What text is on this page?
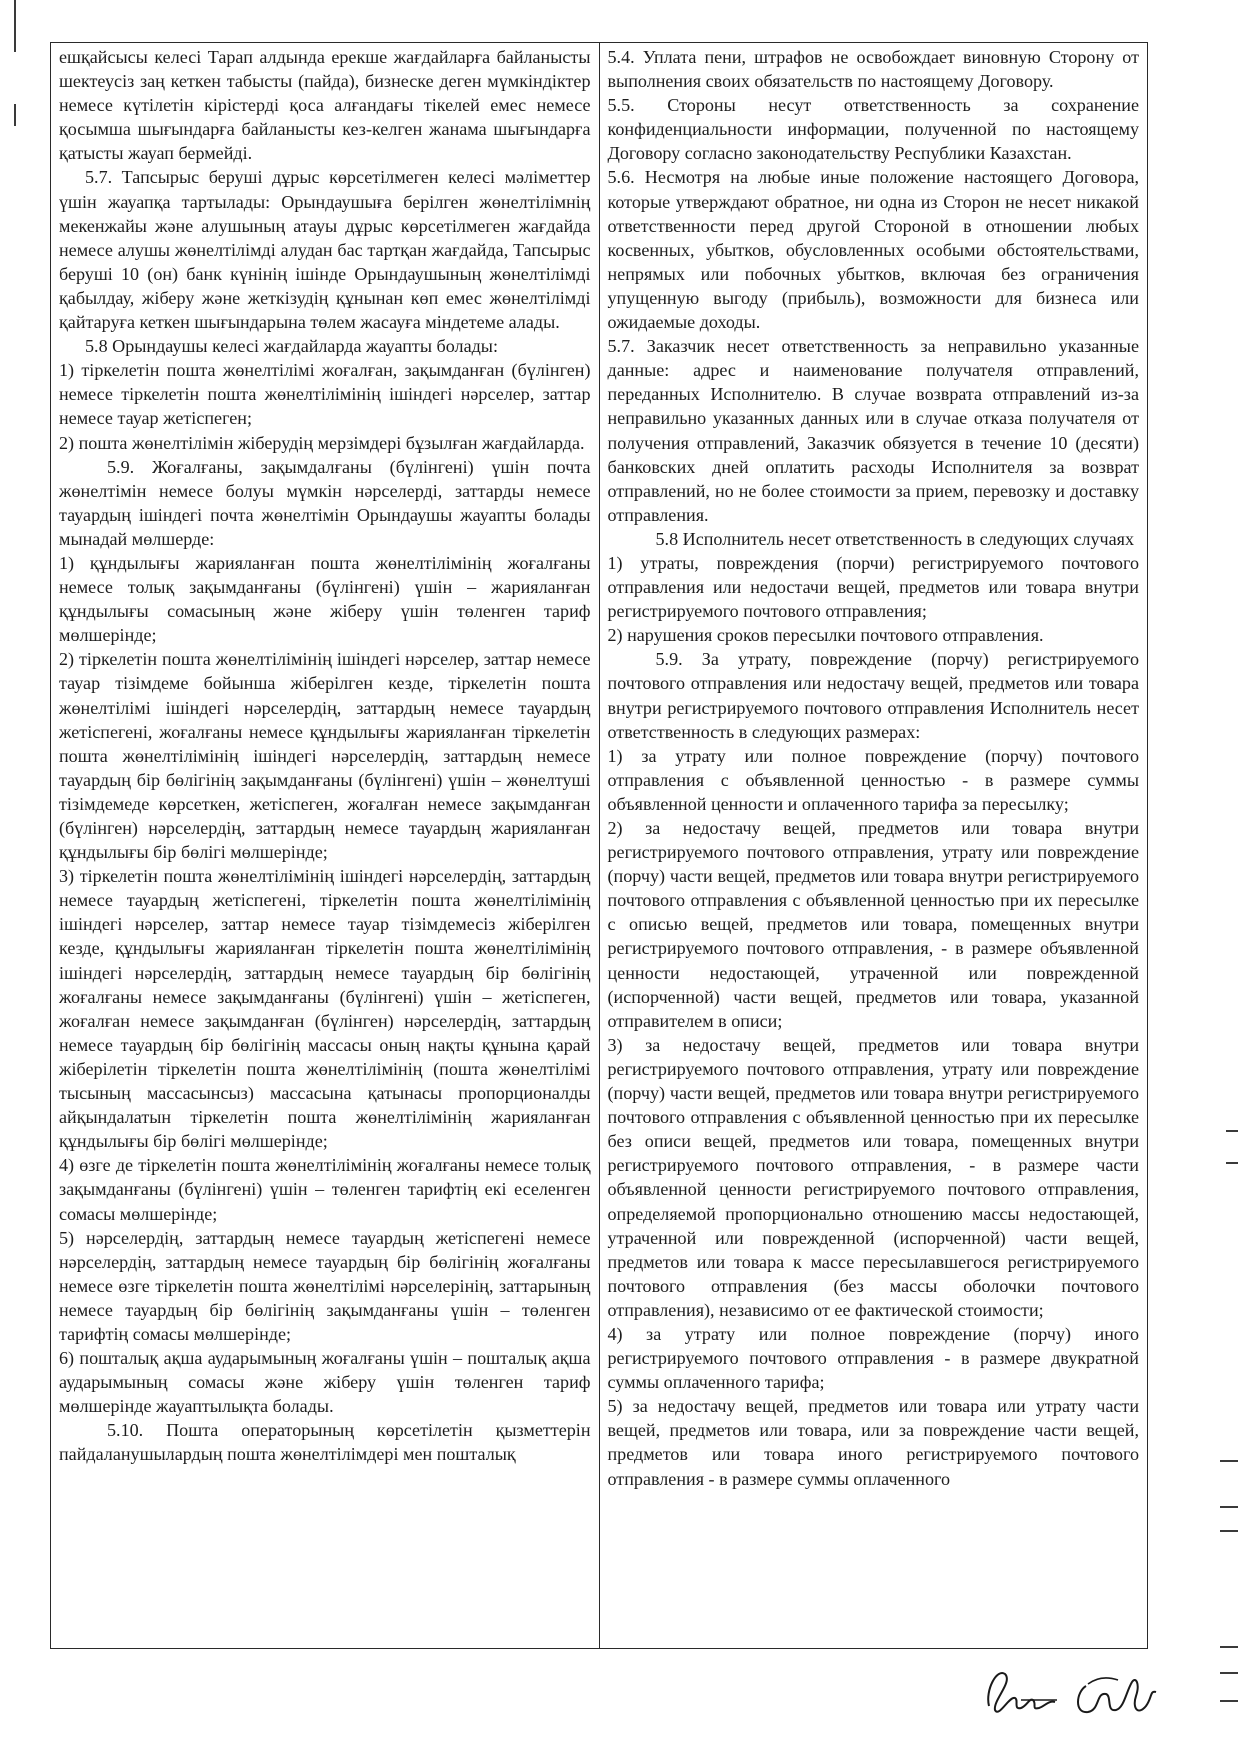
ешқайсысы келесі Тарап алдында ерекше жағдайларға байланысты шектеусіз заң кеткен табысты (пайда), бизнеске деген мүмкіндіктер немесе күтілетін кірістерді қоса алғандағы тікелей емес немесе қосымша шығындарға байланысты кез-келген жанама шығындарға қатысты жауап бермейді.

5.7. Тапсырыс беруші дұрыс көрсетілмеген келесі мәліметтер үшін жауапқа тартылады: Орындаушыға берілген жөнелтілімнің мекенжайы және алушының атауы дұрыс көрсетілмеген жағдайда немесе алушы жөнелтілімді алудан бас тартқан жағдайда, Тапсырыс беруші 10 (он) банк күнінің ішінде Орындаушының жөнелтілімді қабылдау, жіберу және жеткізудің құнынан көп емес жөнелтілімді қайтаруға кеткен шығындарына төлем жасауға міндетеме алады.

5.8 Орындаушы келесі жағдайларда жауапты болады:

1) тіркелетін пошта жөнелтілімі жоғалған, зақымданған (бүлінген) немесе тіркелетін пошта жөнелтілімінің ішіндегі нәрселер, заттар немесе тауар жетіспеген;

2) пошта жөнелтілімін жіберудің мерзімдері бұзылған жағдайларда.

5.9. Жоғалғаны, зақымдалғаны (бүлінгені) үшін почта жөнелтімін немесе болуы мүмкін нәрселерді, заттарды немесе тауардың ішіндегі почта жөнелтімін Орындаушы жауапты болады мынадай мөлшерде:

1) құндылығы жарияланған пошта жөнелтілімінің жоғалғаны немесе толық зақымданғаны (бүлінгені) үшін – жарияланған құндылығы сомасының және жіберу үшін төленген тариф мөлшерінде;

2) тіркелетін пошта жөнелтілімінің ішіндегі нәрселер, заттар немесе тауар тізімдеме бойынша жіберілген кезде, тіркелетін пошта жөнелтілімі ішіндегі нәрселердің, заттардың немесе тауардың жетіспегені, жоғалғаны немесе құндылығы жарияланған тіркелетін пошта жөнелтілімінің ішіндегі нәрселердің, заттардың немесе тауардың бір бөлігінің зақымданғаны (бүлінгені) үшін – жөнелтуші тізімдемеде көрсеткен, жетіспеген, жоғалған немесе зақымданған (бүлінген) нәрселердің, заттардың немесе тауардың жарияланған құндылығы бір бөлігі мөлшерінде;

3) тіркелетін пошта жөнелтілімінің ішіндегі нәрселердің, заттардың немесе тауардың жетіспегені, тіркелетін пошта жөнелтілімінің ішіндегі нәрселер, заттар немесе тауар тізімдемесіз жіберілген кезде, құндылығы жарияланған тіркелетін пошта жөнелтілімінің ішіндегі нәрселердің, заттардың немесе тауардың бір бөлігінің жоғалғаны немесе зақымданғаны (бүлінгені) үшін – жетіспеген, жоғалған немесе зақымданған (бүлінген) нәрселердің, заттардың немесе тауардың бір бөлігінің массасы оның нақты құнына қарай жіберілетін тіркелетін пошта жөнелтілімінің (пошта жөнелтілімі тысының массасынсыз) массасына қатынасы пропорционалды айқындалатын тіркелетін пошта жөнелтілімінің жарияланған құндылығы бір бөлігі мөлшерінде;

4) өзге де тіркелетін пошта жөнелтілімінің жоғалғаны немесе толық зақымданғаны (бүлінгені) үшін – төленген тарифтің екі еселенген сомасы мөлшерінде;

5) нәрселердің, заттардың немесе тауардың жетіспегені немесе нәрселердің, заттардың немесе тауардың бір бөлігінің жоғалғаны немесе өзге тіркелетін пошта жөнелтілімі нәрселерінің, заттарының немесе тауардың бір бөлігінің зақымданғаны үшін – төленген тарифтің сомасы мөлшерінде;

6) пошталық ақша аударымының жоғалғаны үшін – пошталық ақша аударымының сомасы және жіберу үшін төленген тариф мөлшерінде жауаптылықта болады.

5.10. Пошта операторының көрсетілетін қызметтерін пайдаланушылардың пошта жөнелтілімдері мен пошталық

5.4. Уплата пени, штрафов не освобождает виновную Сторону от выполнения своих обязательств по настоящему Договору.

5.5. Стороны несут ответственность за сохранение конфиденциальности информации, полученной по настоящему Договору согласно законодательству Республики Казахстан.

5.6. Несмотря на любые иные положение настоящего Договора, которые утверждают обратное, ни одна из Сторон не несет никакой ответственности перед другой Стороной в отношении любых косвенных, убытков, обусловленных особыми обстоятельствами, непрямых или побочных убытков, включая без ограничения упущенную выгоду (прибыль), возможности для бизнеса или ожидаемые доходы.

5.7. Заказчик несет ответственность за неправильно указанные данные: адрес и наименование получателя отправлений, переданных Исполнителю. В случае возврата отправлений из-за неправильно указанных данных или в случае отказа получателя от получения отправлений, Заказчик обязуется в течение 10 (десяти) банковских дней оплатить расходы Исполнителя за возврат отправлений, но не более стоимости за прием, перевозку и доставку отправления.

5.8 Исполнитель несет ответственность в следующих случаях

1) утраты, повреждения (порчи) регистрируемого почтового отправления или недостачи вещей, предметов или товара внутри регистрируемого почтового отправления;

2) нарушения сроков пересылки почтового отправления.

5.9. За утрату, повреждение (порчу) регистрируемого почтового отправления или недостачу вещей, предметов или товара внутри регистрируемого почтового отправления Исполнитель несет ответственность в следующих размерах:

1) за утрату или полное повреждение (порчу) почтового отправления с объявленной ценностью - в размере суммы объявленной ценности и оплаченного тарифа за пересылку;

2) за недостачу вещей, предметов или товара внутри регистрируемого почтового отправления, утрату или повреждение (порчу) части вещей, предметов или товара внутри регистрируемого почтового отправления с объявленной ценностью при их пересылке с описью вещей, предметов или товара, помещенных внутри регистрируемого почтового отправления, - в размере объявленной ценности недостающей, утраченной или поврежденной (испорченной) части вещей, предметов или товара, указанной отправителем в описи;

3) за недостачу вещей, предметов или товара внутри регистрируемого почтового отправления, утрату или повреждение (порчу) части вещей, предметов или товара внутри регистрируемого почтового отправления с объявленной ценностью при их пересылке без описи вещей, предметов или товара, помещенных внутри регистрируемого почтового отправления, - в размере части объявленной ценности регистрируемого почтового отправления, определяемой пропорционально отношению массы недостающей, утраченной или поврежденной (испорченной) части вещей, предметов или товара к массе пересылавшегося регистрируемого почтового отправления (без массы оболочки почтового отправления), независимо от ее фактической стоимости;

4) за утрату или полное повреждение (порчу) иного регистрируемого почтового отправления - в размере двукратной суммы оплаченного тарифа;

5) за недостачу вещей, предметов или товара или утрату части вещей, предметов или товара, или за повреждение части вещей, предметов или товара иного регистрируемого почтового отправления - в размере суммы оплаченного
